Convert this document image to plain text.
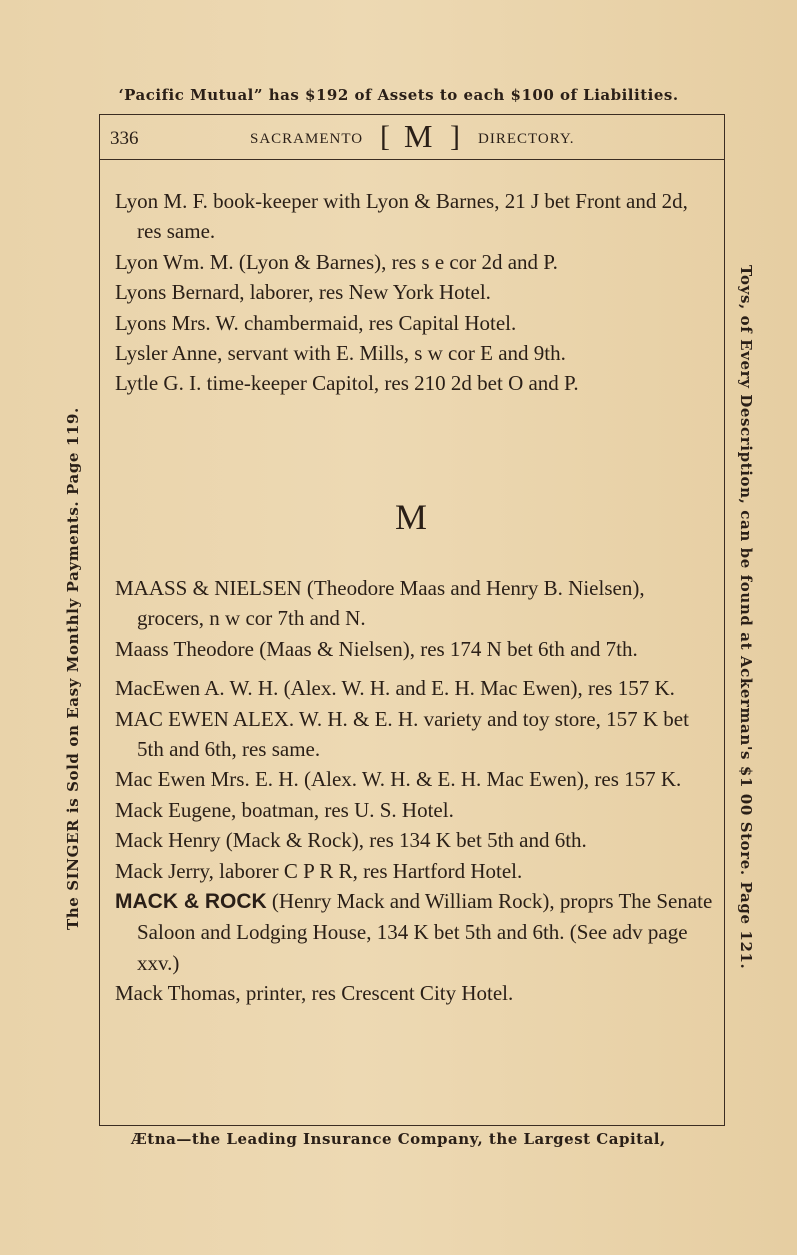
‘Pacific Mutual” has $192 of Assets to each $100 of Liabilities.
336	SACRAMENTO [ M ] DIRECTORY.

Lyon M. F. book-keeper with Lyon & Barnes, 21 J bet Front and 2d, res same.

Lyon Wm. M. (Lyon & Barnes), res s e cor 2d and P.

Lyons Bernard, laborer, res New York Hotel.

Lyons Mrs. W. chambermaid, res Capital Hotel.

Lysler Anne, servant with E. Mills, s w cor E and 9th.

Lytle G. I. time-keeper Capitol, res 210 2d bet O and P.

M

MAASS & NIELSEN (Theodore Maas and Henry B. Nielsen), grocers, n w cor 7th and N.

Maass Theodore (Maas & Nielsen), res 174 N bet 6th and 7th.

MacEwen A. W. H. (Alex. W. H. and E. H. Mac Ewen), res 157 K.

MAC EWEN ALEX. W. H. & E. H. variety and toy store, 157 K bet 5th and 6th, res same.

Mac Ewen Mrs. E. H. (Alex. W. H. & E. H. Mac Ewen), res 157 K.

Mack Eugene, boatman, res U. S. Hotel.

Mack Henry (Mack & Rock), res 134 K bet 5th and 6th.

Mack Jerry, laborer C P R R, res Hartford Hotel.

MACK & ROCK (Henry Mack and William Rock), proprs The Senate Saloon and Lodging House, 134 K bet 5th and 6th. (See adv page xxv.)

Mack Thomas, printer, res Crescent City Hotel.

Ætna—the Leading Insurance Company, the Largest Capital,
The SINGER is Sold on Easy Monthly Payments. Page 119.	Toys, of Every Description, can be found at Ackerman's $1 00 Store. Page 121.
